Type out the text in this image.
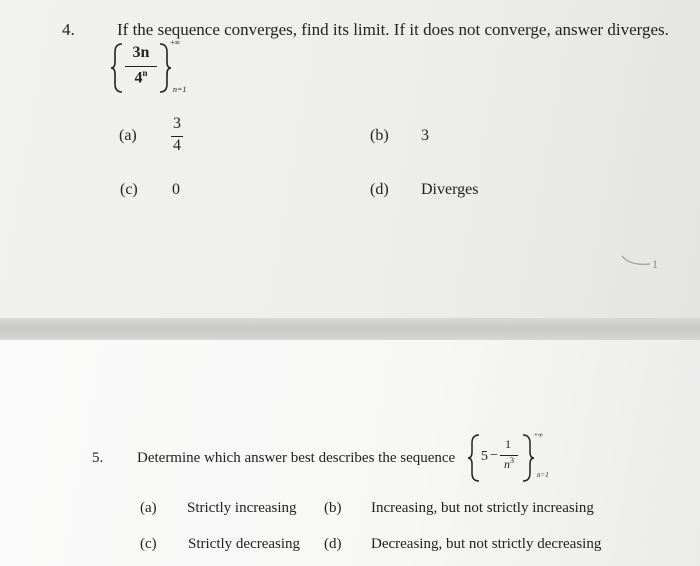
4. If the sequence converges, find its limit. If it does not converge, answer diverges.
3n
$4^n$
+∞
n=1
(a)
3
4
(b) 3
(c) 0	(d) Diverges
1
5. Determine which answer best describes the sequence 5 −
1
$n^3$
+∞
n=1
(a) Strictly increasing (b) Increasing, but not strictly increasing
(c) Strictly decreasing (d) Decreasing, but not strictly decreasing
